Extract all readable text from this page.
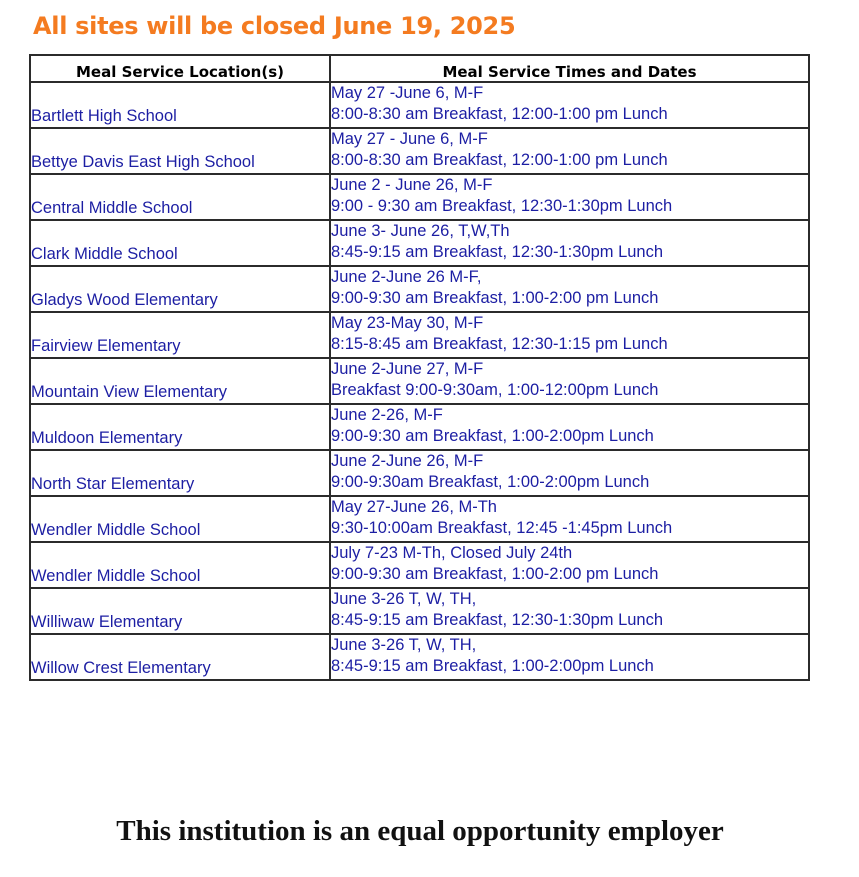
All sites will be closed June 19, 2025
Meal Service Location(s)	Meal Service Times and Dates
Bartlett High School	May 27 -June 6, M-F
8:00-8:30 am Breakfast, 12:00-1:00 pm Lunch

Bettye Davis East High School	May 27 - June 6, M-F
8:00-8:30 am Breakfast, 12:00-1:00 pm Lunch

Central Middle School	June 2 - June 26, M-F
9:00 - 9:30 am Breakfast, 12:30-1:30pm Lunch

Clark Middle School	June 3- June 26, T,W,Th
8:45-9:15 am Breakfast, 12:30-1:30pm Lunch

Gladys Wood Elementary	June 2-June 26 M-F,
9:00-9:30 am Breakfast, 1:00-2:00 pm Lunch

Fairview Elementary	May 23-May 30, M-F
8:15-8:45 am Breakfast, 12:30-1:15 pm Lunch

Mountain View Elementary	June 2-June 27, M-F
Breakfast 9:00-9:30am, 1:00-12:00pm Lunch

Muldoon Elementary	June 2-26, M-F
9:00-9:30 am Breakfast, 1:00-2:00pm Lunch

North Star Elementary	June 2-June 26, M-F
9:00-9:30am Breakfast, 1:00-2:00pm Lunch

Wendler Middle School	May 27-June 26, M-Th
9:30-10:00am Breakfast, 12:45 -1:45pm Lunch

Wendler Middle School	July 7-23 M-Th, Closed July 24th
9:00-9:30 am Breakfast, 1:00-2:00 pm Lunch

Williwaw Elementary	June 3-26 T, W, TH,
8:45-9:15 am Breakfast, 12:30-1:30pm Lunch

Willow Crest Elementary	June 3-26 T, W, TH,
8:45-9:15 am Breakfast, 1:00-2:00pm Lunch

This institution is an equal opportunity employer
